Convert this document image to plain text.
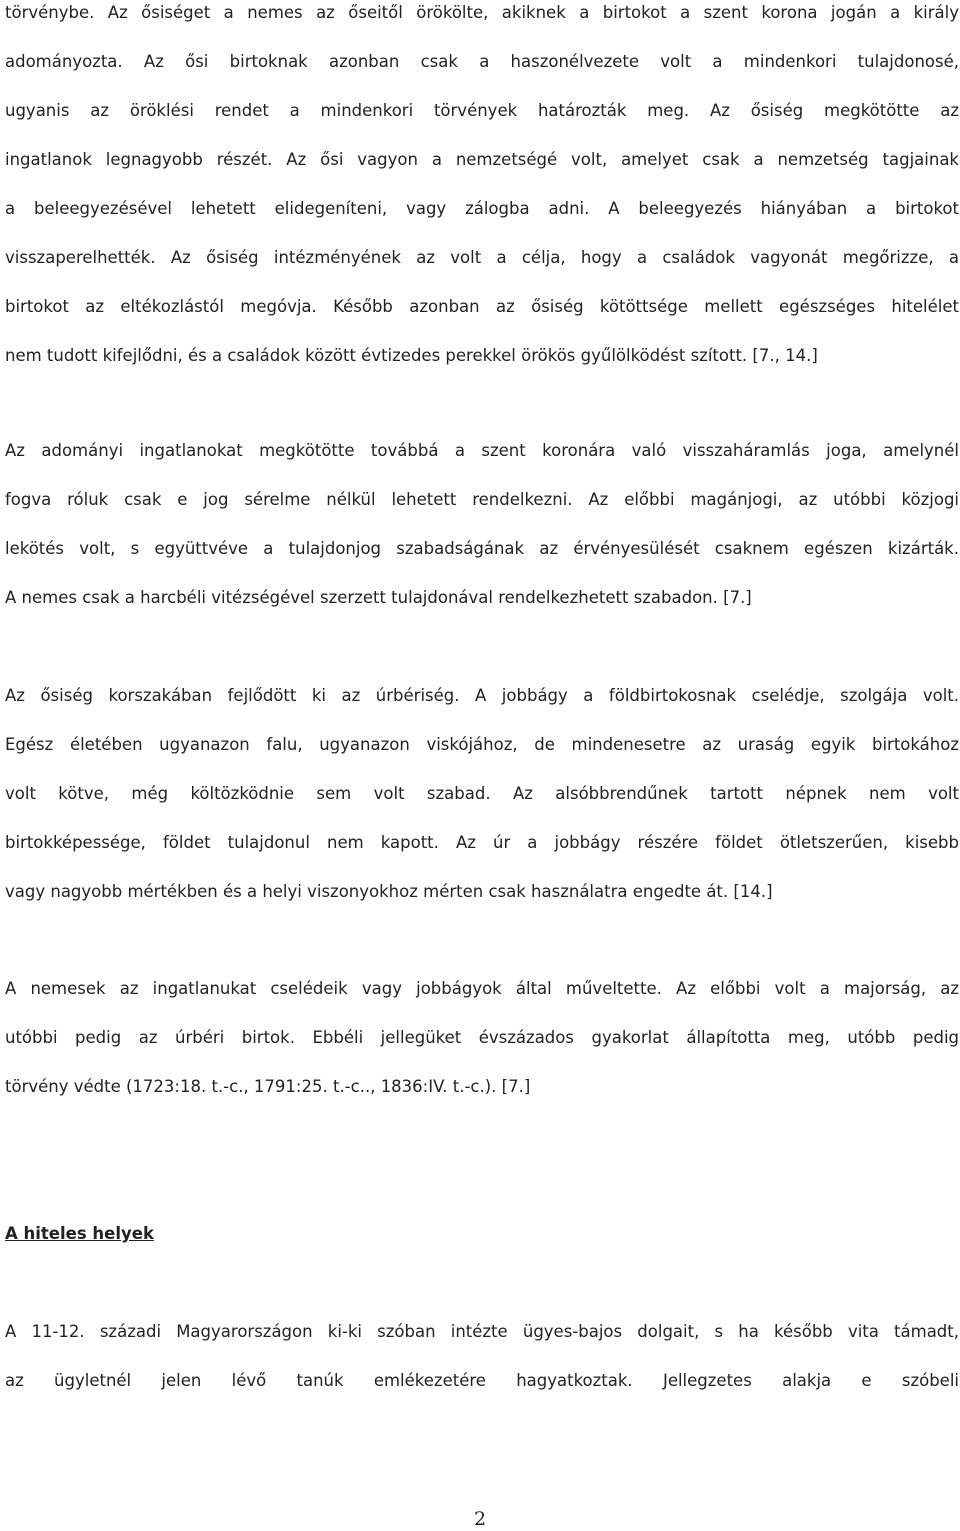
törvénybe. Az ősiséget a nemes az őseitől örökölte, akiknek a birtokot a szent korona jogán a király
adományozta. Az ősi birtoknak azonban csak a haszonélvezete volt a mindenkori tulajdonosé,
ugyanis az öröklési rendet a mindenkori törvények határozták meg. Az ősiség megkötötte az
ingatlanok legnagyobb részét. Az ősi vagyon a nemzetségé volt, amelyet csak a nemzetség tagjainak
a beleegyezésével lehetett elidegeníteni, vagy zálogba adni. A beleegyezés hiányában a birtokot
visszaperelhették. Az ősiség intézményének az volt a célja, hogy a családok vagyonát megőrizze, a
birtokot az eltékozlástól megóvja. Később azonban az ősiség kötöttsége mellett egészséges hitelélet
nem tudott kifejlődni, és a családok között évtizedes perekkel örökös gyűlölködést szított. [7., 14.]
Az adományi ingatlanokat megkötötte továbbá a szent koronára való visszaháramlás joga, amelynél
fogva róluk csak e jog sérelme nélkül lehetett rendelkezni. Az előbbi magánjogi, az utóbbi közjogi
lekötés volt, s együttvéve a tulajdonjog szabadságának az érvényesülését csaknem egészen kizárták.
A nemes csak a harcbéli vitézségével szerzett tulajdonával rendelkezhetett szabadon. [7.]
Az ősiség korszakában fejlődött ki az úrbériség. A jobbágy a földbirtokosnak cselédje, szolgája volt.
Egész életében ugyanazon falu, ugyanazon viskójához, de mindenesetre az uraság egyik birtokához
volt kötve, még költözködnie sem volt szabad. Az alsóbbrendűnek tartott népnek nem volt
birtokképessége, földet tulajdonul nem kapott. Az úr a jobbágy részére földet ötletszerűen, kisebb
vagy nagyobb mértékben és a helyi viszonyokhoz mérten csak használatra engedte át. [14.]
A nemesek az ingatlanukat cselédeik vagy jobbágyok által műveltette. Az előbbi volt a majorság, az
utóbbi pedig az úrbéri birtok. Ebbéli jellegüket évszázados gyakorlat állapította meg, utóbb pedig
törvény védte (1723:18. t.-c., 1791:25. t.-c.., 1836:IV. t.-c.). [7.]
A hiteles helyek
A 11-12. századi Magyarországon ki-ki szóban intézte ügyes-bajos dolgait, s ha később vita támadt,
az ügyletnél jelen lévő tanúk emlékezetére hagyatkoztak. Jellegzetes alakja e szóbeli
2
